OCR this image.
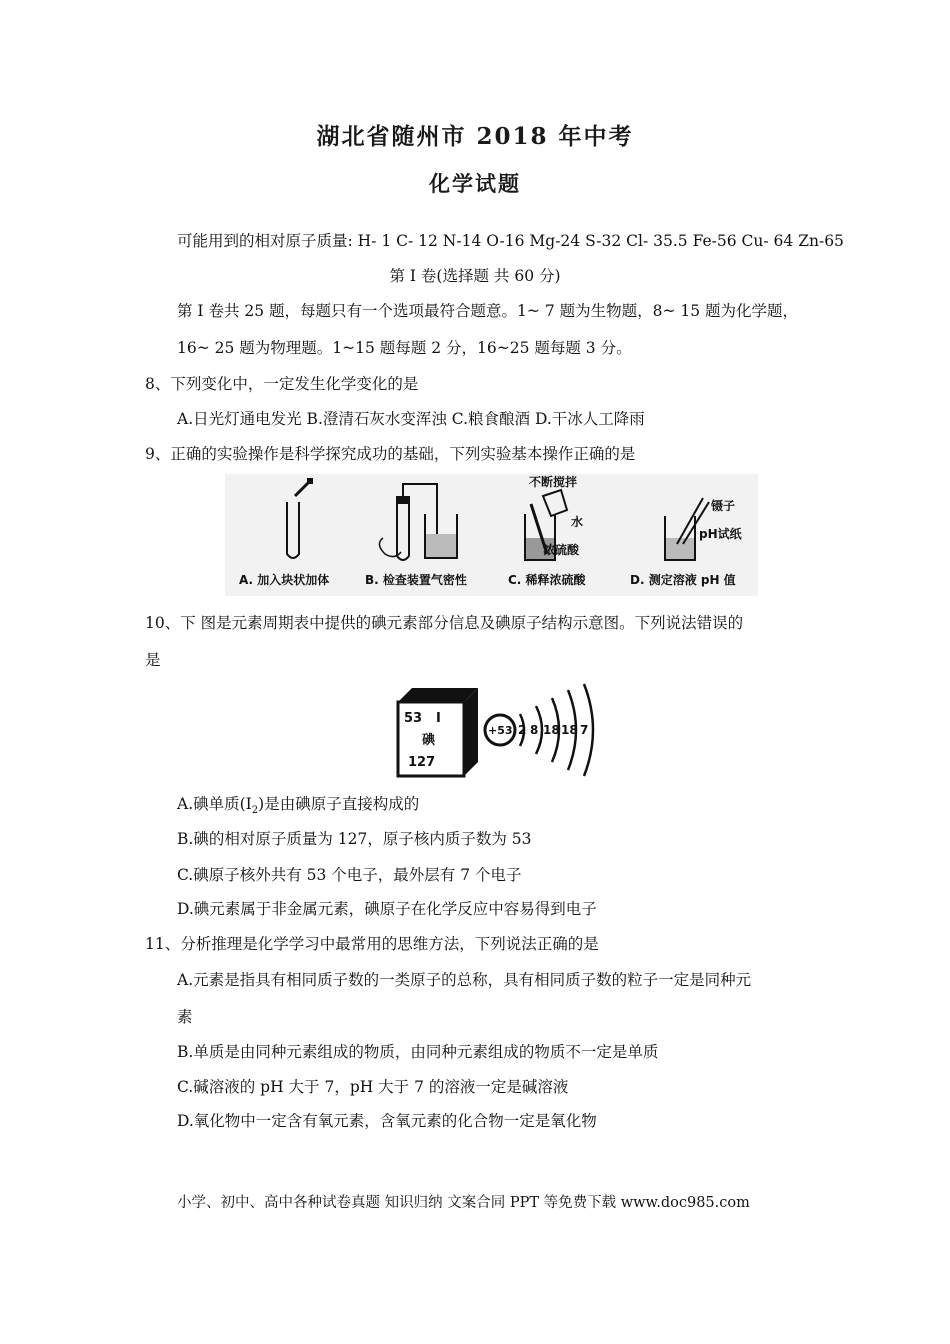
湖北省随州市 2018 年中考
化学试题
可能用到的相对原子质量: H- 1 C- 12 N-14 O-16 Mg-24 S-32 Cl- 35.5 Fe-56 Cu- 64 Zn-65
第 I 卷(选择题 共 60 分)
第 I 卷共 25 题，每题只有一个选项最符合题意。1~ 7 题为生物题，8~ 15 题为化学题，
16~ 25 题为物理题。1~15 题每题 2 分，16~25 题每题 3 分。
8、下列变化中，一定发生化学变化的是
A.日光灯通电发光 B.澄清石灰水变浑浊 C.粮食酿酒 D.干冰人工降雨
9、正确的实验操作是科学探究成功的基础，下列实验基本操作正确的是
不断搅拌
水
浓硫酸
镊子
pH试纸
A. 加入块状加体	B. 检查装置气密性	C. 稀释浓硫酸	D. 测定溶液 pH 值
10、下 图是元素周期表中提供的碘元素部分信息及碘原子结构示意图。下列说法错误的
是
53 I
碘
127
+53 2 8 18 18 7
A.碘单质$(I_2)$是由碘原子直接构成的
B.碘的相对原子质量为 127，原子核内质子数为 53
C.碘原子核外共有 53 个电子，最外层有 7 个电子
D.碘元素属于非金属元素，碘原子在化学反应中容易得到电子
11、分析推理是化学学习中最常用的思维方法，下列说法正确的是
A.元素是指具有相同质子数的一类原子的总称，具有相同质子数的粒子一定是同种元
素
B.单质是由同种元素组成的物质，由同种元素组成的物质不一定是单质
C.碱溶液的 pH 大于 7，pH 大于 7 的溶液一定是碱溶液
D.氧化物中一定含有氧元素，含氧元素的化合物一定是氧化物
小学、初中、高中各种试卷真题 知识归纳 文案合同 PPT 等免费下载 www.doc985.com
